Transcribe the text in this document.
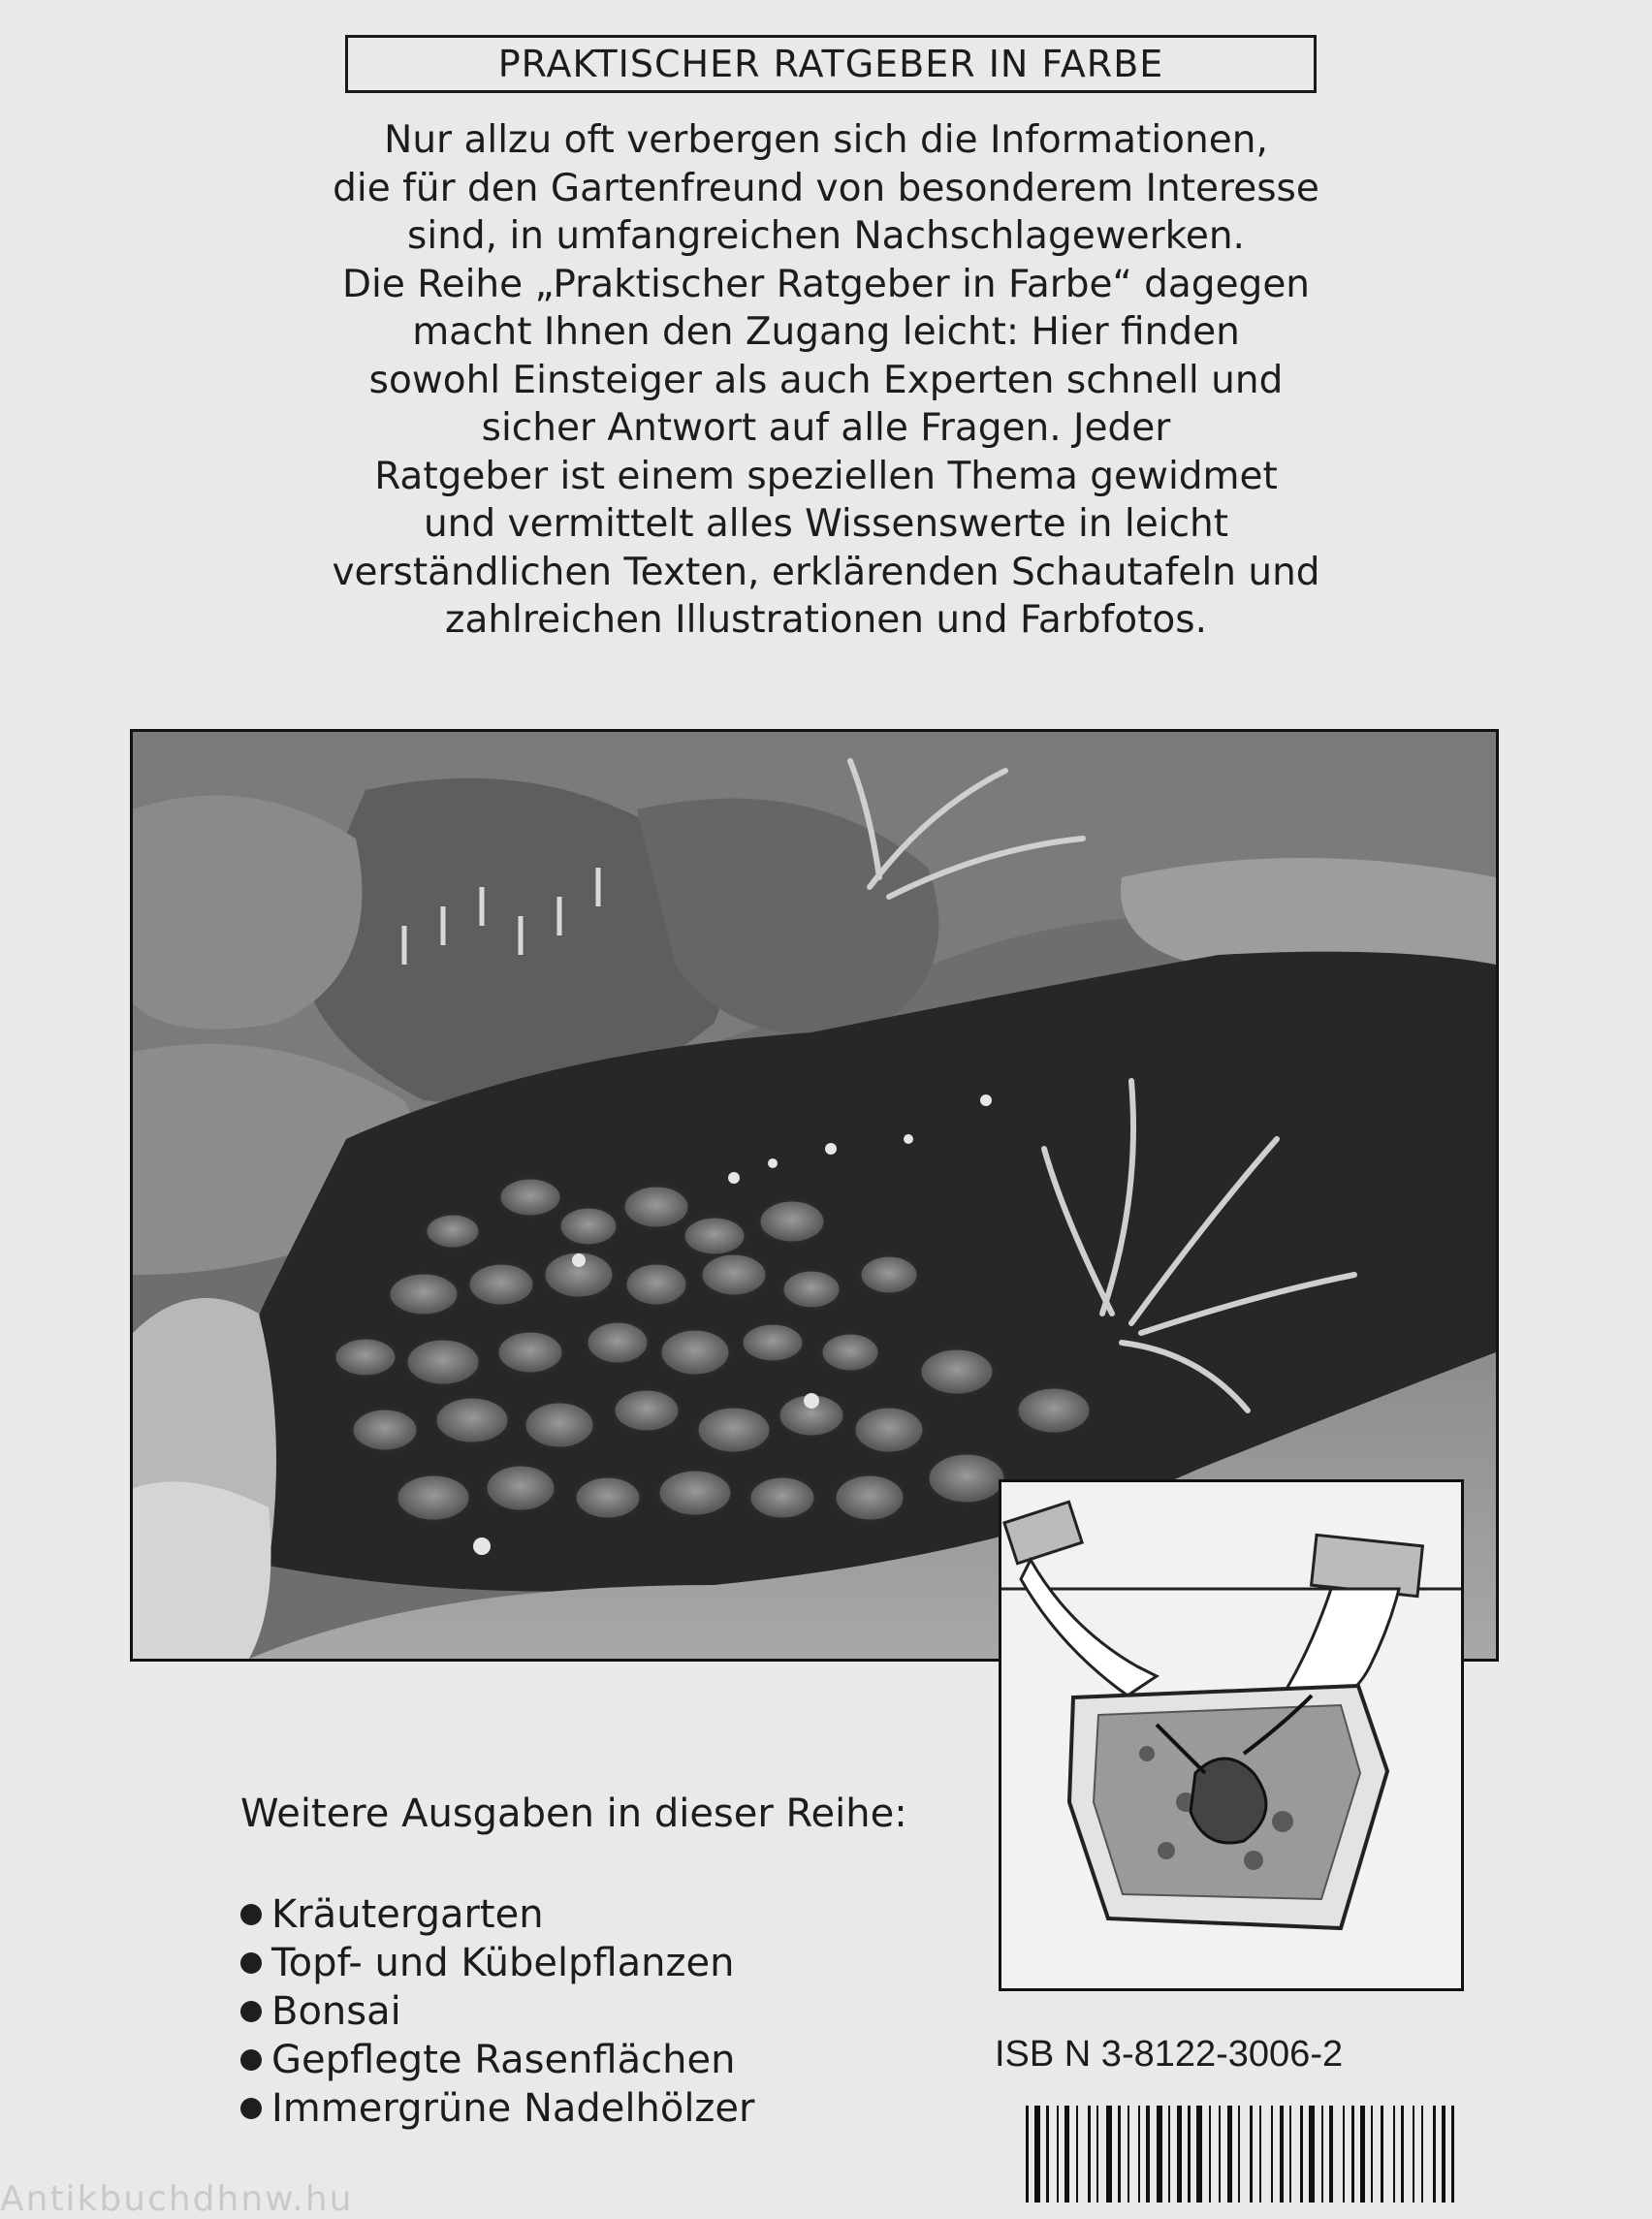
PRAKTISCHER RATGEBER IN FARBE
Nur allzu oft verbergen sich die Informationen,
die für den Gartenfreund von besonderem Interesse
sind, in umfangreichen Nachschlagewerken.
Die Reihe „Praktischer Ratgeber in Farbe“ dagegen
macht Ihnen den Zugang leicht: Hier finden
sowohl Einsteiger als auch Experten schnell und
sicher Antwort auf alle Fragen. Jeder
Ratgeber ist einem speziellen Thema gewidmet
und vermittelt alles Wissenswerte in leicht
verständlichen Texten, erklärenden Schautafeln und
zahlreichen Illustrationen und Farbfotos.
Weitere Ausgaben in dieser Reihe:
Kräutergarten
Topf- und Kübelpflanzen
Bonsai
Gepflegte Rasenflächen
Immergrüne Nadelhölzer
ISB N 3-8122-3006-2
Antikbuchdhnw.hu
